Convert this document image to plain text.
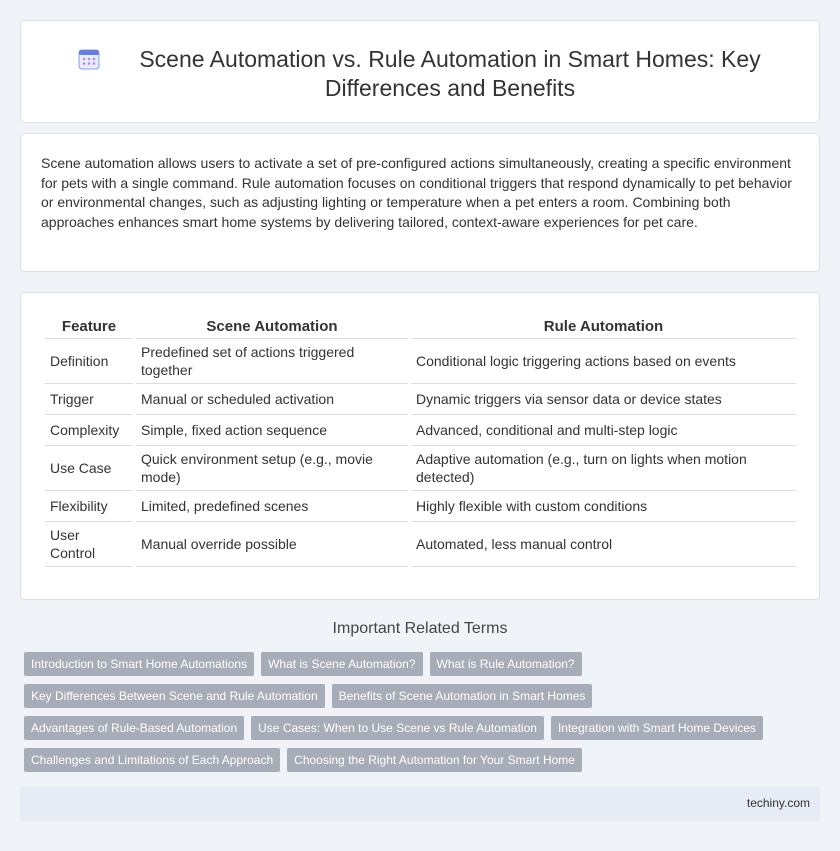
Scene Automation vs. Rule Automation in Smart Homes: Key Differences and Benefits

Scene automation allows users to activate a set of pre-configured actions simultaneously, creating a specific environment for pets with a single command. Rule automation focuses on conditional triggers that respond dynamically to pet behavior or environmental changes, such as adjusting lighting or temperature when a pet enters a room. Combining both approaches enhances smart home systems by delivering tailored, context-aware experiences for pet care.

Feature	Scene Automation	Rule Automation
Definition	Predefined set of actions triggered together	Conditional logic triggering actions based on events
Trigger	Manual or scheduled activation	Dynamic triggers via sensor data or device states
Complexity	Simple, fixed action sequence	Advanced, conditional and multi-step logic
Use Case	Quick environment setup (e.g., movie mode)	Adaptive automation (e.g., turn on lights when motion detected)
Flexibility	Limited, predefined scenes	Highly flexible with custom conditions
User Control	Manual override possible	Automated, less manual control
Important Related Terms
Introduction to Smart Home Automations	What is Scene Automation?	What is Rule Automation?
Key Differences Between Scene and Rule Automation	Benefits of Scene Automation in Smart Homes
Advantages of Rule-Based Automation	Use Cases: When to Use Scene vs Rule Automation	Integration with Smart Home Devices
Challenges and Limitations of Each Approach	Choosing the Right Automation for Your Smart Home
techiny.com
